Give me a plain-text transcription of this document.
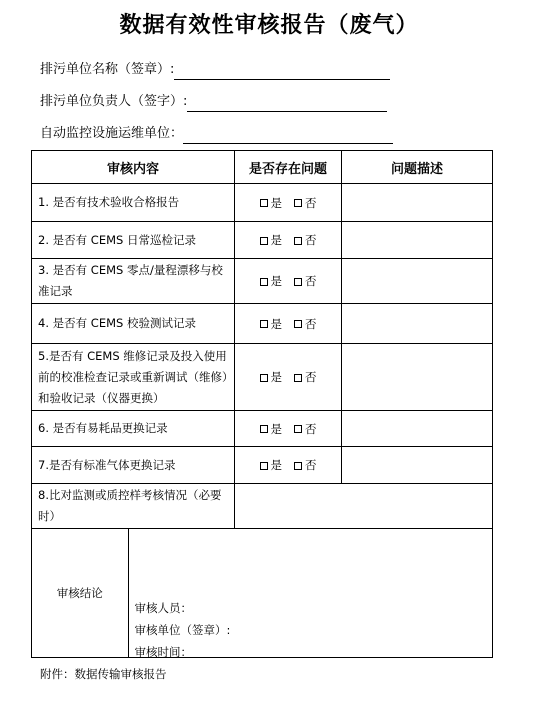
数据有效性审核报告（废气）
排污单位名称（签章）:
排污单位负责人（签字）:
自动监控设施运维单位：
审核内容	是否存在问题	问题描述
1. 是否有技术验收合格报告	是 否	
2. 是否有 CEMS 日常巡检记录	是 否	
3. 是否有 CEMS 零点/量程漂移与校准记录	是 否	
4. 是否有 CEMS 校验测试记录	是 否	
5.是否有 CEMS 维修记录及投入使用前的校准检查记录或重新调试（维修）和验收记录（仪器更换）	是 否	
6. 是否有易耗品更换记录	是 否	
7.是否有标准气体更换记录	是 否	
8.比对监测或质控样考核情况（必要时）	

审核结论	
审核人员：
审核单位（签章）:
审核时间：
附件：数据传输审核报告
